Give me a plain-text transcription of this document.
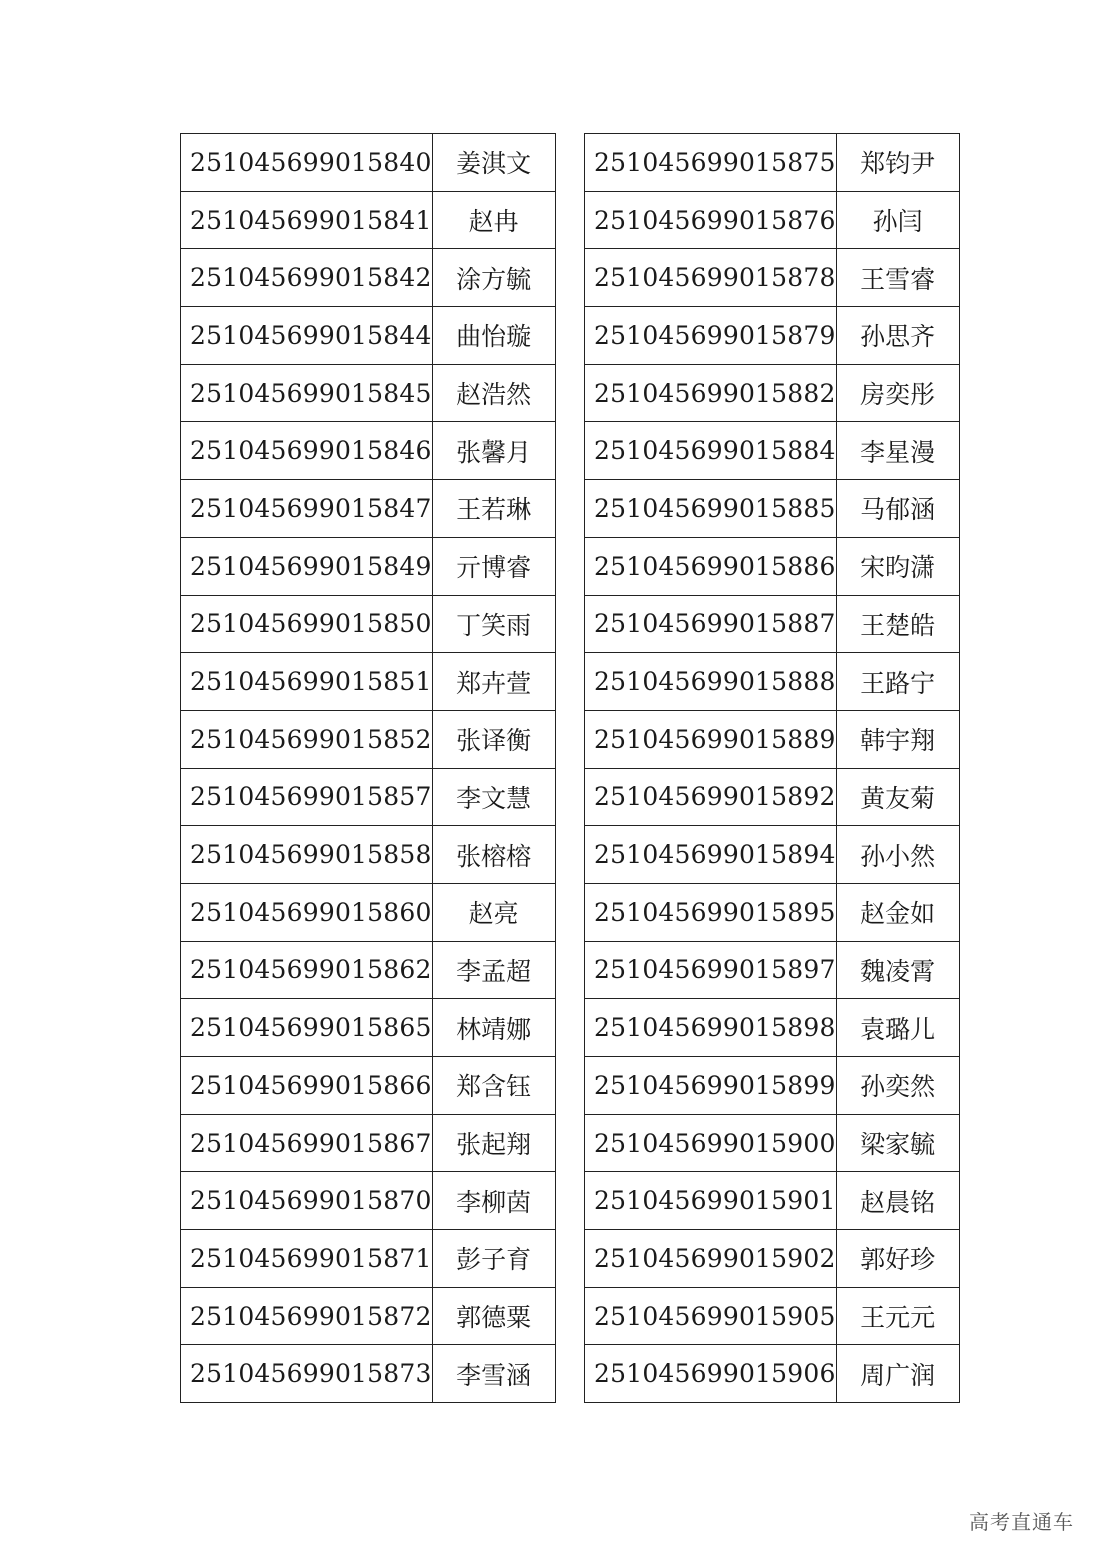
251045699015840	姜淇文
251045699015841	赵冉
251045699015842	涂方毓
251045699015844	曲怡璇
251045699015845	赵浩然
251045699015846	张馨月
251045699015847	王若琳
251045699015849	亓博睿
251045699015850	丁笑雨
251045699015851	郑卉萱
251045699015852	张译衡
251045699015857	李文慧
251045699015858	张榕榕
251045699015860	赵亮
251045699015862	李孟超
251045699015865	林靖娜
251045699015866	郑含钰
251045699015867	张起翔
251045699015870	李柳茵
251045699015871	彭子育
251045699015872	郭德粟
251045699015873	李雪涵
251045699015875	郑钧尹
251045699015876	孙闫
251045699015878	王雪睿
251045699015879	孙思齐
251045699015882	房奕彤
251045699015884	李星漫
251045699015885	马郁涵
251045699015886	宋昀潇
251045699015887	王楚皓
251045699015888	王路宁
251045699015889	韩宇翔
251045699015892	黄友菊
251045699015894	孙小然
251045699015895	赵金如
251045699015897	魏凌霄
251045699015898	袁璐儿
251045699015899	孙奕然
251045699015900	梁家毓
251045699015901	赵晨铭
251045699015902	郭好珍
251045699015905	王元元
251045699015906	周广润
高考直通车
